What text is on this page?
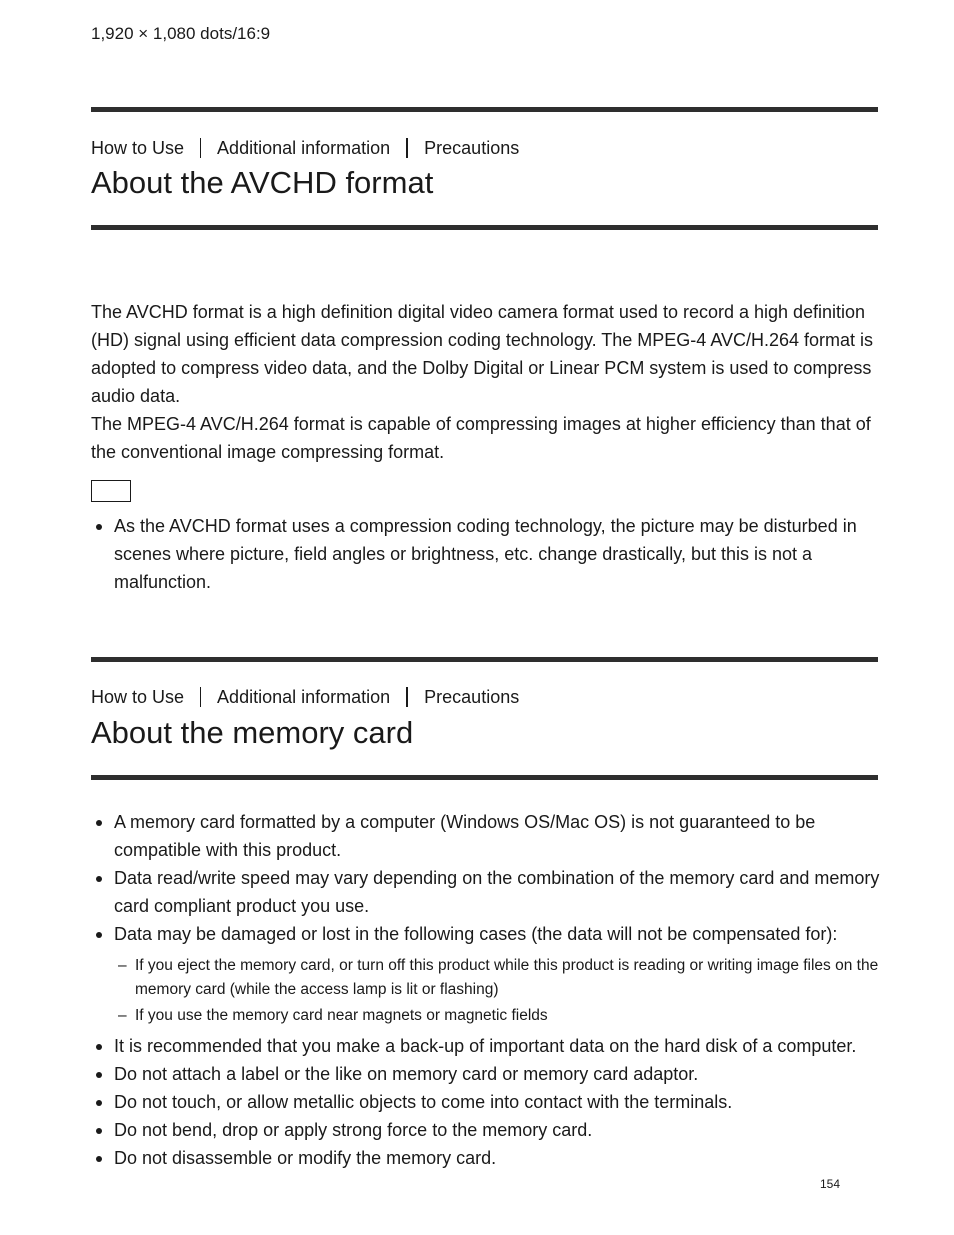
1,920 × 1,080 dots/16:9
How to Use Additional information Precautions
About the AVCHD format

The AVCHD format is a high definition digital video camera format used to record a high definition (HD) signal using efficient data compression coding technology. The MPEG-4 AVC/H.264 format is adopted to compress video data, and the Dolby Digital or Linear PCM system is used to compress audio data.

The MPEG-4 AVC/H.264 format is capable of compressing images at higher efficiency than that of the conventional image compressing format.

As the AVCHD format uses a compression coding technology, the picture may be disturbed in scenes where picture, field angles or brightness, etc. change drastically, but this is not a malfunction.
How to Use Additional information Precautions
About the memory card
A memory card formatted by a computer (Windows OS/Mac OS) is not guaranteed to be compatible with this product.
Data read/write speed may vary depending on the combination of the memory card and memory card compliant product you use.
Data may be damaged or lost in the following cases (the data will not be compensated for):
– If you eject the memory card, or turn off this product while this product is reading or writing image files on the memory card (while the access lamp is lit or flashing)
– If you use the memory card near magnets or magnetic fields
It is recommended that you make a back-up of important data on the hard disk of a computer.
Do not attach a label or the like on memory card or memory card adaptor.
Do not touch, or allow metallic objects to come into contact with the terminals.
Do not bend, drop or apply strong force to the memory card.
Do not disassemble or modify the memory card.
154
